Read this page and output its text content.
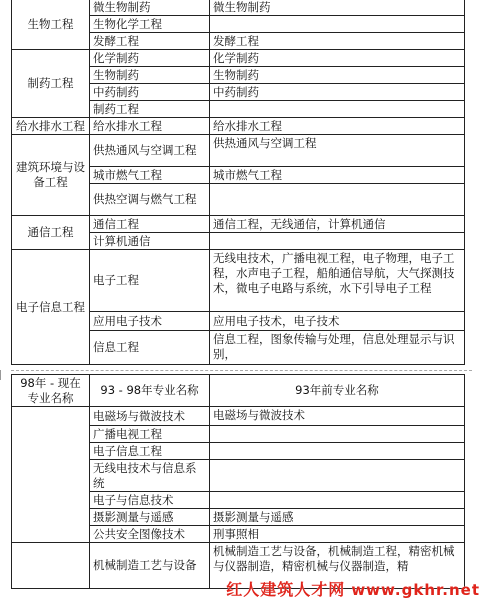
生物工程	微生物制药	微生物制药
	生物化学工程	
	发酵工程	发酵工程
制药工程	化学制药	化学制药
	生物制药	生物制药
	中药制药	中药制药
	制药工程	
给水排水工程	给水排水工程	给水排水工程
建筑环境与设备工程	供热通风与空调工程	供热通风与空调工程
	城市燃气工程	城市燃气工程
	供热空调与燃气工程	
通信工程	通信工程	通信工程，无线通信，计算机通信
	计算机通信	
电子信息工程	电子工程	无线电技术，广播电视工程，电子物理，电子工程，水声电子工程，船舶通信导航，大气探测技术，微电子电路与系统，水下引导电子工程
	应用电子技术	应用电子技术，电子技术
	信息工程	信息工程，图象传输与处理，信息处理显示与识别，
98年 - 现在专业名称	93 - 98年专业名称	93年前专业名称
	电磁场与微波技术	电磁场与微波技术
	广播电视工程	
	电子信息工程	
	无线电技术与信息系统	
	电子与信息技术	
	摄影测量与遥感	摄影测量与遥感
	公共安全图像技术	刑事照相
	机械制造工艺与设备	机械制造工艺与设备，机械制造工程，精密机械与仪器制造，精密机械与仪器制造，精
红人建筑人才网 www.gkhr.net
